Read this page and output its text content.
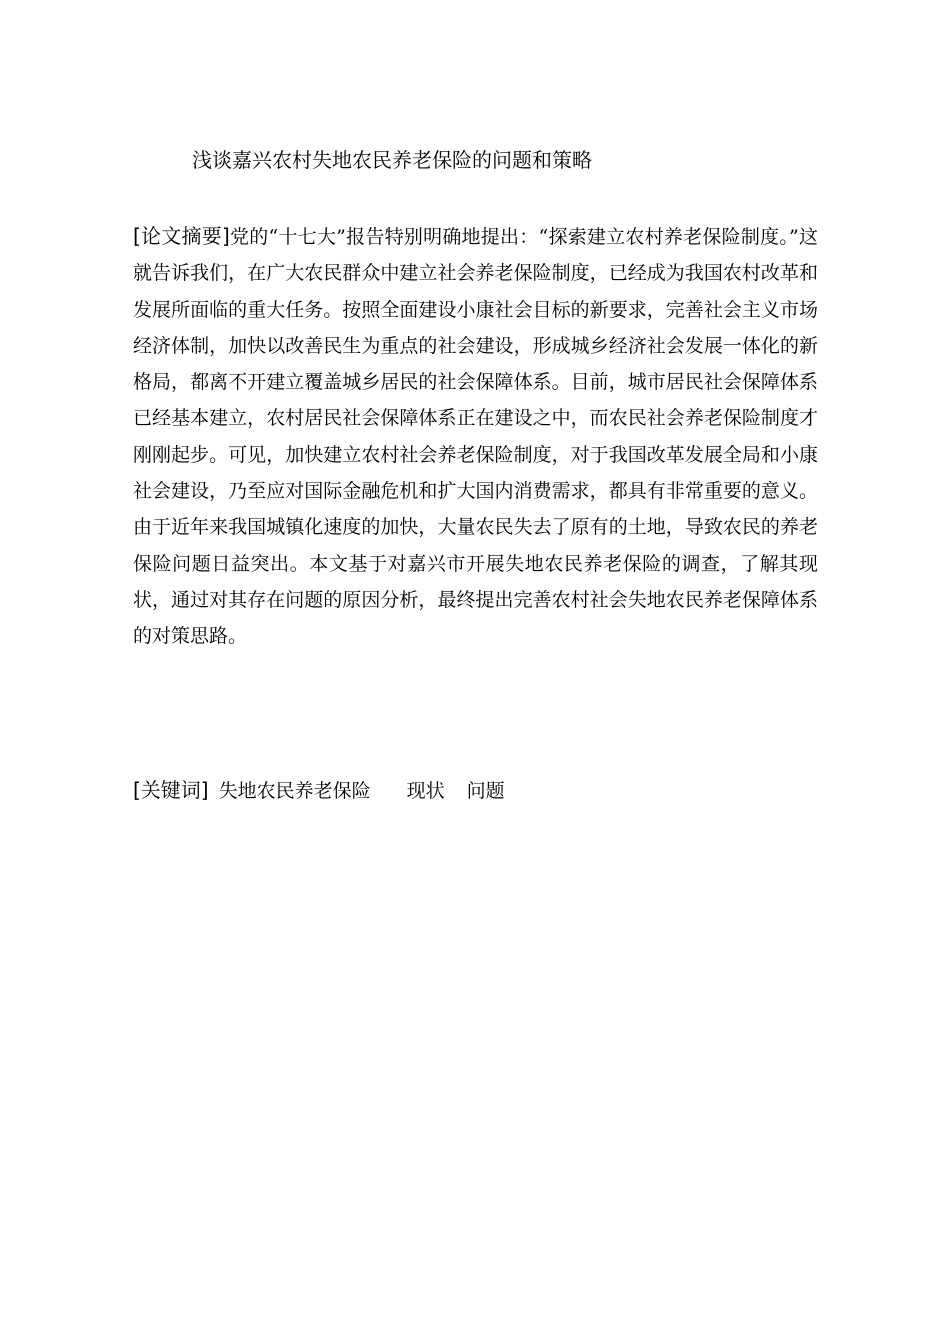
浅谈嘉兴农村失地农民养老保险的问题和策略
[论文摘要]党的“十七大”报告特别明确地提出：“探索建立农村养老保险制度。”这就告诉我们，在广大农民群众中建立社会养老保险制度，已经成为我国农村改革和发展所面临的重大任务。按照全面建设小康社会目标的新要求，完善社会主义市场经济体制，加快以改善民生为重点的社会建设，形成城乡经济社会发展一体化的新格局，都离不开建立覆盖城乡居民的社会保障体系。目前，城市居民社会保障体系已经基本建立，农村居民社会保障体系正在建设之中，而农民社会养老保险制度才刚刚起步。可见，加快建立农村社会养老保险制度，对于我国改革发展全局和小康社会建设，乃至应对国际金融危机和扩大国内消费需求，都具有非常重要的意义。由于近年来我国城镇化速度的加快，大量农民失去了原有的土地，导致农民的养老保险问题日益突出。本文基于对嘉兴市开展失地农民养老保险的调查，了解其现状，通过对其存在问题的原因分析，最终提出完善农村社会失地农民养老保障体系的对策思路。
[关键词] 失地农民养老保险 现状 问题
